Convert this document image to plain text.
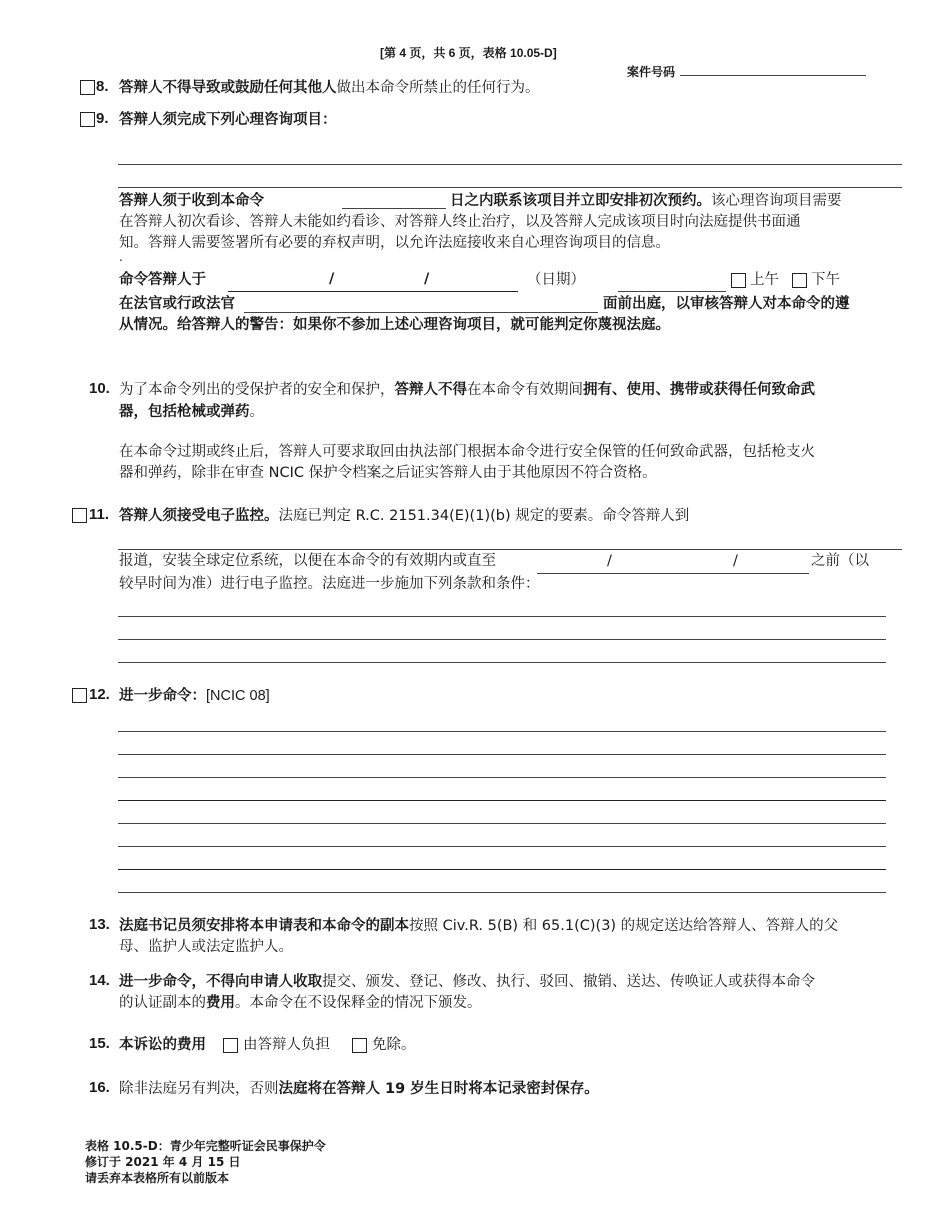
[第 4 页，共 6 页，表格 10.05-D]
案件号码
8. 答辩人不得导致或鼓励任何其他人做出本命令所禁止的任何行为。
9. 答辩人须完成下列心理咨询项目：
答辩人须于收到本命令	日之内联系该项目并立即安排初次预约。该心理咨询项目需要
在答辩人初次看诊、答辩人未能如约看诊、对答辩人终止治疗，以及答辩人完成该项目时向法庭提供书面通
知。答辩人需要签署所有必要的弃权声明，以允许法庭接收来自心理咨询项目的信息。
.
命令答辩人于	/	/	（日期）	上午 下午
在法官或行政法官	面前出庭，以审核答辩人对本命令的遵
从情况。给答辩人的警告：如果你不参加上述心理咨询项目，就可能判定你蔑视法庭。
10. 为了本命令列出的受保护者的安全和保护，答辩人不得在本命令有效期间拥有、使用、携带或获得任何致命武
器，包括枪械或弹药。
在本命令过期或终止后，答辩人可要求取回由执法部门根据本命令进行安全保管的任何致命武器，包括枪支火
器和弹药，除非在审查 NCIC 保护令档案之后证实答辩人由于其他原因不符合资格。
11. 答辩人须接受电子监控。法庭已判定 R.C. 2151.34(E)(1)(b) 规定的要素。命令答辩人到
报道，安装全球定位系统，以便在本命令的有效期内或直至	/	/	之前（以
较早时间为准）进行电子监控。法庭进一步施加下列条款和条件：
12. 进一步命令：[NCIC 08]
13. 法庭书记员须安排将本申请表和本命令的副本按照 Civ.R. 5(B) 和 65.1(C)(3) 的规定送达给答辩人、答辩人的父
母、监护人或法定监护人。
14. 进一步命令，不得向申请人收取提交、颁发、登记、修改、执行、驳回、撤销、送达、传唤证人或获得本命令
的认证副本的费用。本命令在不设保释金的情况下颁发。
15. 本诉讼的费用	由答辩人负担	免除。
16. 除非法庭另有判决，否则法庭将在答辩人 19 岁生日时将本记录密封保存。
表格 10.5-D：青少年完整听证会民事保护令
修订于 2021 年 4 月 15 日
请丢弃本表格所有以前版本
